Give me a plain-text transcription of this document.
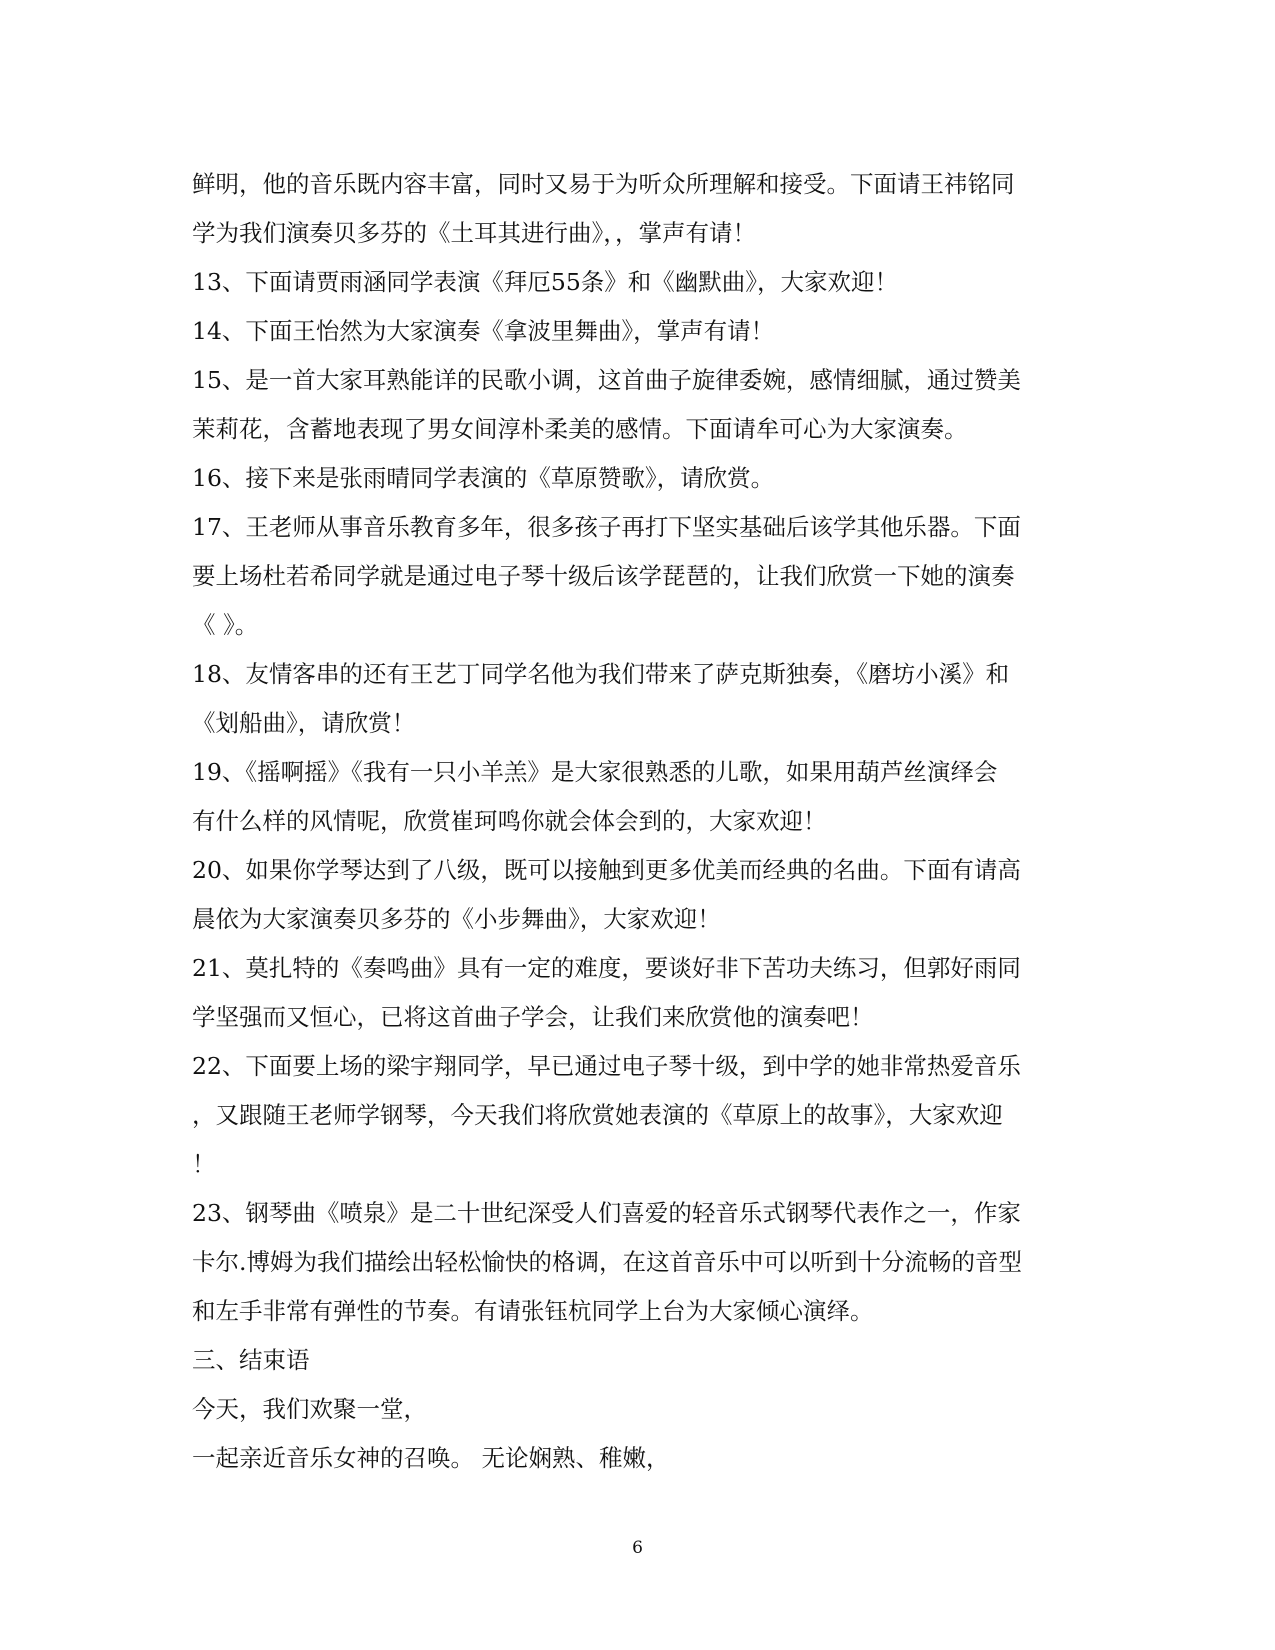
鲜明，他的音乐既内容丰富，同时又易于为听众所理解和接受。下面请王祎铭同
学为我们演奏贝多芬的《土耳其进行曲》，，掌声有请！
13、下面请贾雨涵同学表演《拜厄55条》和《幽默曲》，大家欢迎！
14、下面王怡然为大家演奏《拿波里舞曲》，掌声有请！
15、是一首大家耳熟能详的民歌小调，这首曲子旋律委婉，感情细腻，通过赞美
茉莉花，含蓄地表现了男女间淳朴柔美的感情。下面请牟可心为大家演奏。
16、接下来是张雨晴同学表演的《草原赞歌》，请欣赏。
17、王老师从事音乐教育多年，很多孩子再打下坚实基础后该学其他乐器。下面
要上场杜若希同学就是通过电子琴十级后该学琵琶的，让我们欣赏一下她的演奏
《 》。
18、友情客串的还有王艺丁同学名他为我们带来了萨克斯独奏，《磨坊小溪》和
《划船曲》，请欣赏！
19、《摇啊摇》《我有一只小羊羔》是大家很熟悉的儿歌，如果用葫芦丝演绎会
有什么样的风情呢，欣赏崔珂鸣你就会体会到的，大家欢迎！
20、如果你学琴达到了八级，既可以接触到更多优美而经典的名曲。下面有请高
晨依为大家演奏贝多芬的《小步舞曲》，大家欢迎！
21、莫扎特的《奏鸣曲》具有一定的难度，要谈好非下苦功夫练习，但郭好雨同
学坚强而又恒心，已将这首曲子学会，让我们来欣赏他的演奏吧！
22、下面要上场的梁宇翔同学，早已通过电子琴十级，到中学的她非常热爱音乐
，又跟随王老师学钢琴，今天我们将欣赏她表演的《草原上的故事》，大家欢迎
！
23、钢琴曲《喷泉》是二十世纪深受人们喜爱的轻音乐式钢琴代表作之一，作家
卡尔.博姆为我们描绘出轻松愉快的格调，在这首音乐中可以听到十分流畅的音型
和左手非常有弹性的节奏。有请张钰杭同学上台为大家倾心演绎。
三、结束语
今天，我们欢聚一堂，
一起亲近音乐女神的召唤。 无论娴熟、稚嫩，
6
